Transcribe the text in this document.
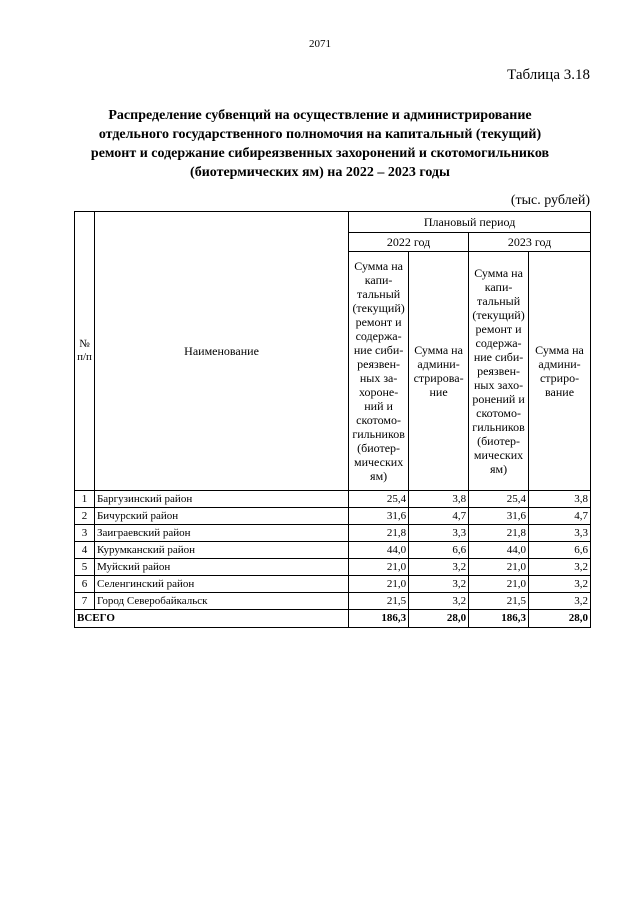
2071
Таблица 3.18
Распределение субвенций на осуществление и администрирование
отдельного государственного полномочия на капитальный (текущий)
ремонт и содержание сибиреязвенных захоронений и скотомогильников
(биотермических ям) на 2022 – 2023 годы
(тыс. рублей)
№ п/п	Наименование	Плановый период			
		2022 год		2023 год	
		Сумма на капи- тальный (текущий) ремонт и содержа- ние сиби- реязвен- ных за- хороне- ний и скотомо- гильников (биотер- мических ям)	Сумма на админи- стрирова- ние	Сумма на капи- тальный (текущий) ремонт и содержа- ние сиби- реязвен- ных захо- ронений и скотомо- гильников (биотер- мических ям)	Сумма на админи- стриро- вание
1	Баргузинский район	25,4	3,8	25,4	3,8
2	Бичурский район	31,6	4,7	31,6	4,7
3	Заиграевский район	21,8	3,3	21,8	3,3
4	Курумканский район	44,0	6,6	44,0	6,6
5	Муйский район	21,0	3,2	21,0	3,2
6	Селенгинский район	21,0	3,2	21,0	3,2
7	Город Северобайкальск	21,5	3,2	21,5	3,2
ВСЕГО		186,3	28,0	186,3	28,0
